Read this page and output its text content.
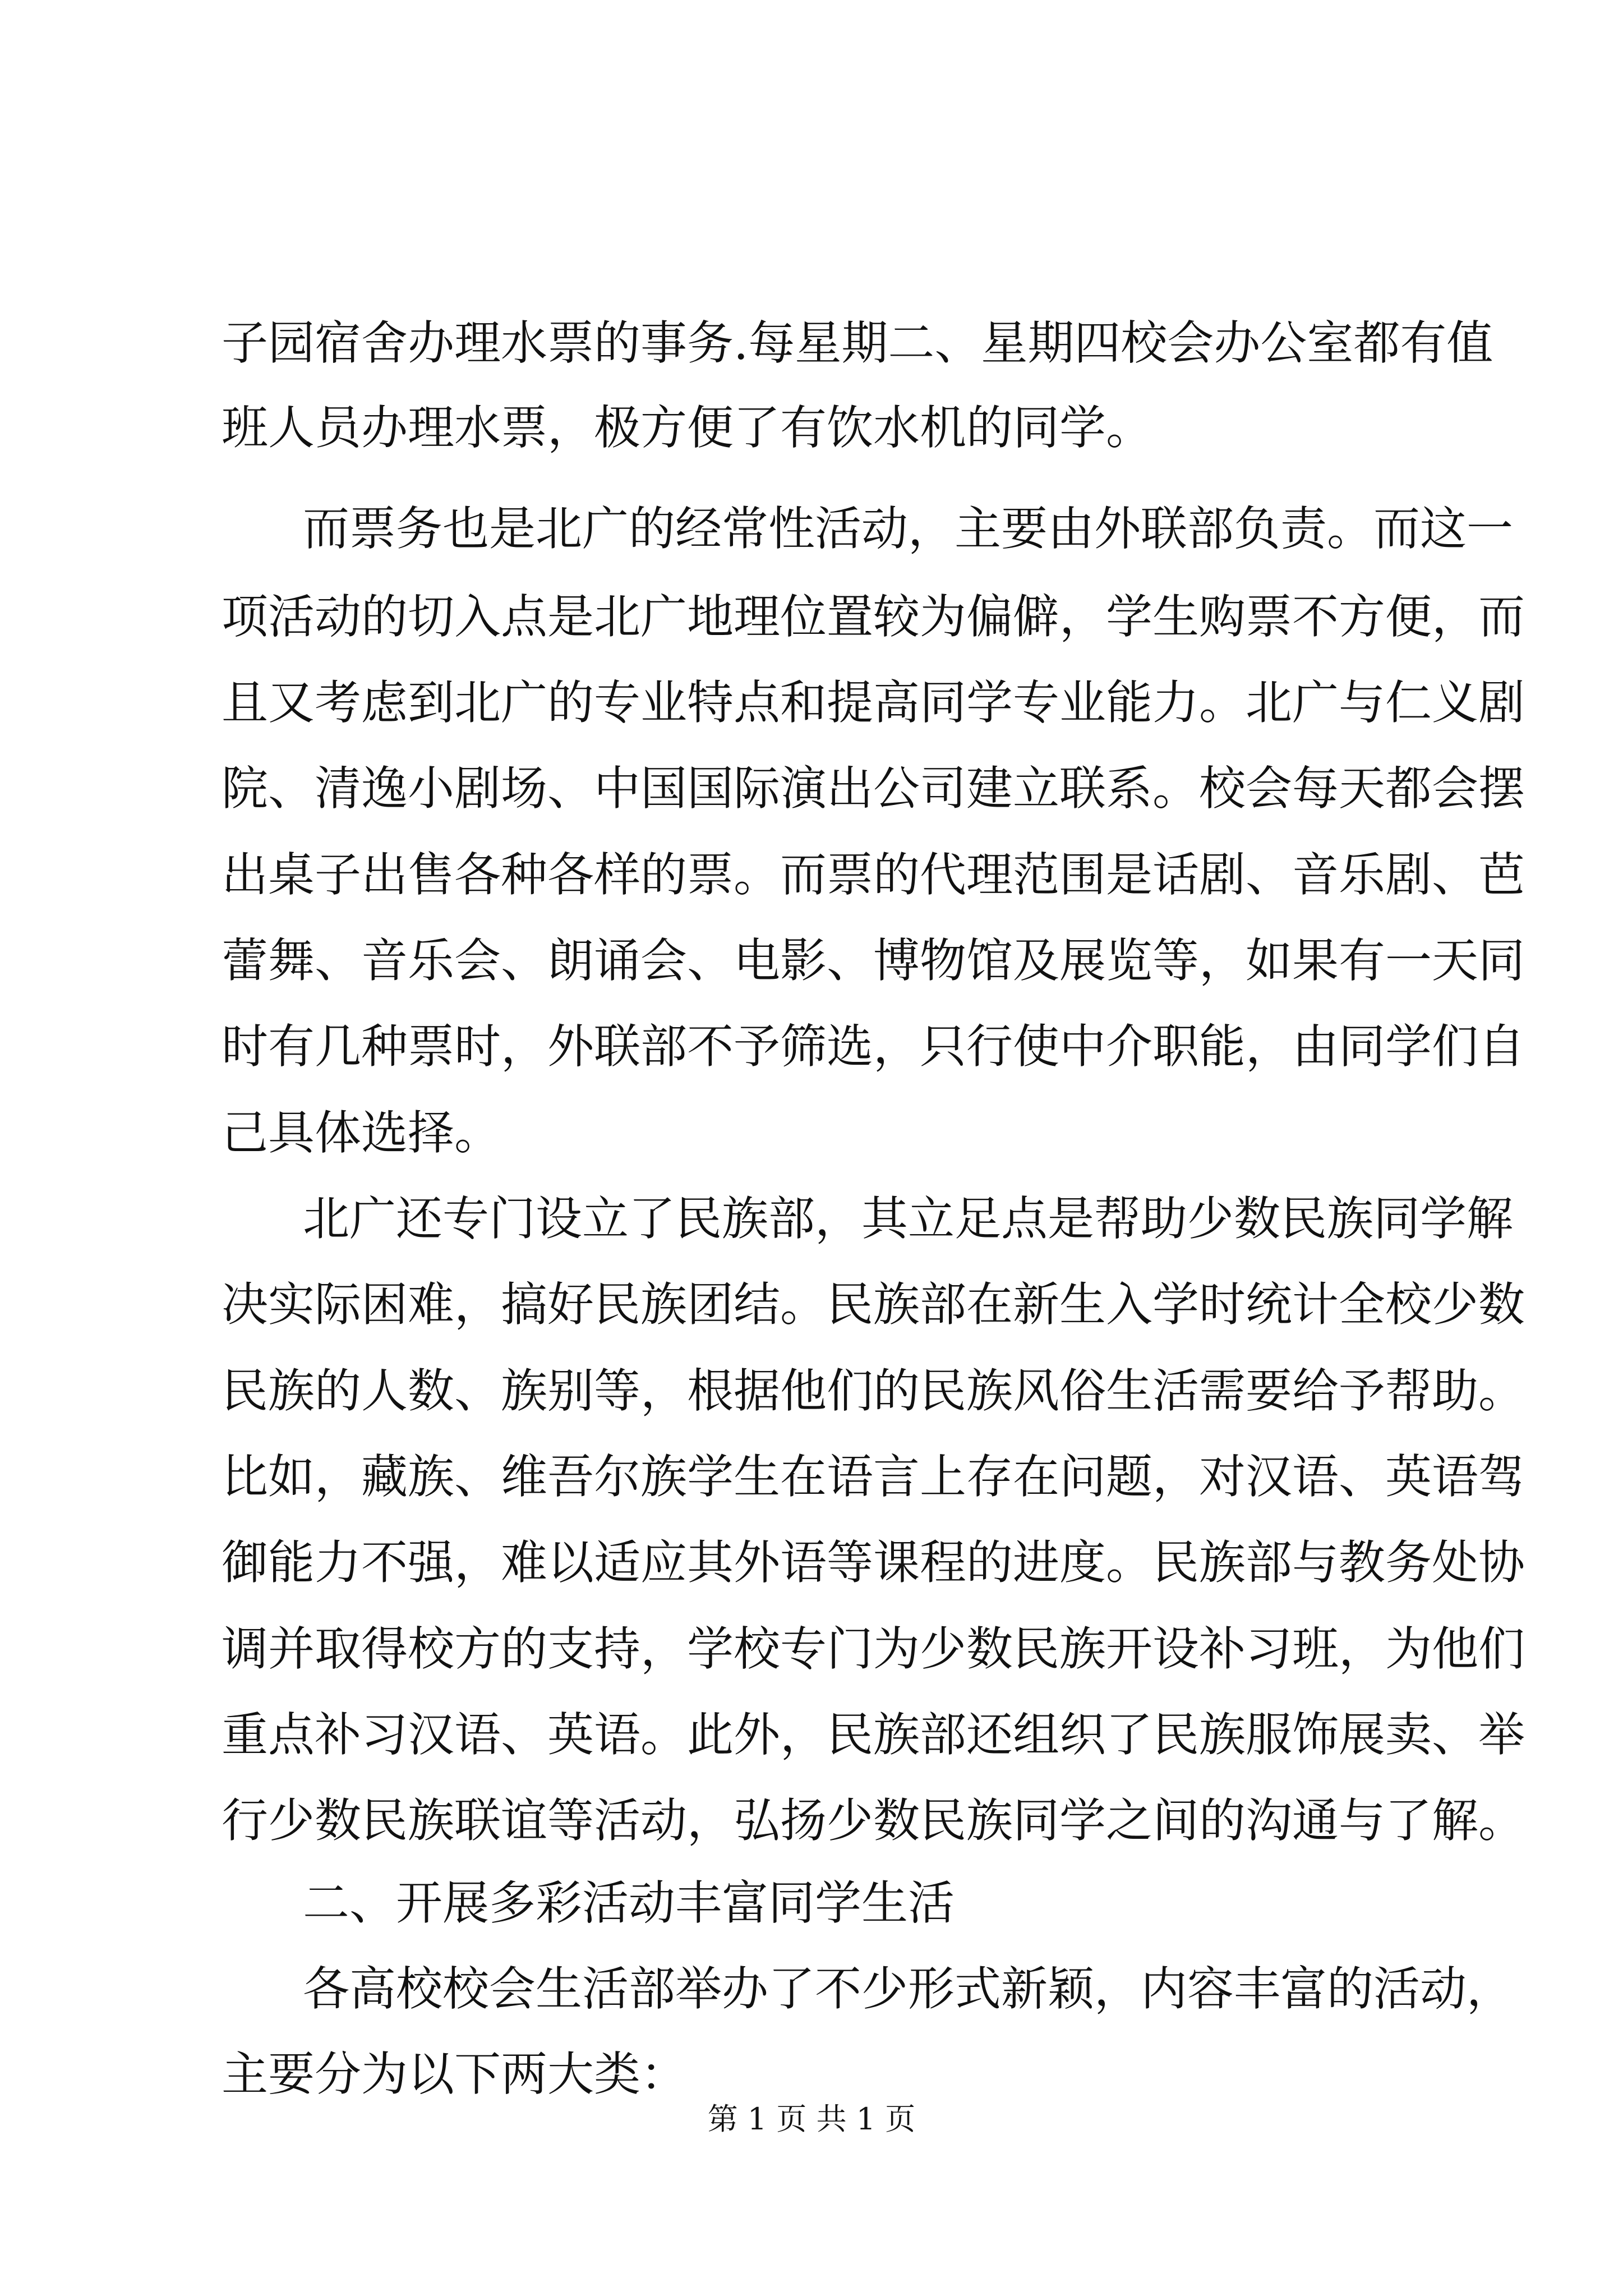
子园宿舍办理水票的事务.每星期二、星期四校会办公室都有值
班人员办理水票，极方便了有饮水机的同学。
而票务也是北广的经常性活动，主要由外联部负责。而这一
项活动的切入点是北广地理位置较为偏僻，学生购票不方便，而
且又考虑到北广的专业特点和提高同学专业能力。北广与仁义剧
院、清逸小剧场、中国国际演出公司建立联系。校会每天都会摆
出桌子出售各种各样的票。而票的代理范围是话剧、音乐剧、芭
蕾舞、音乐会、朗诵会、电影、博物馆及展览等，如果有一天同
时有几种票时，外联部不予筛选，只行使中介职能，由同学们自
己具体选择。
北广还专门设立了民族部，其立足点是帮助少数民族同学解
决实际困难，搞好民族团结。民族部在新生入学时统计全校少数
民族的人数、族别等，根据他们的民族风俗生活需要给予帮助。
比如，藏族、维吾尔族学生在语言上存在问题，对汉语、英语驾
御能力不强，难以适应其外语等课程的进度。民族部与教务处协
调并取得校方的支持，学校专门为少数民族开设补习班，为他们
重点补习汉语、英语。此外，民族部还组织了民族服饰展卖、举
行少数民族联谊等活动，弘扬少数民族同学之间的沟通与了解。
二、开展多彩活动丰富同学生活
各高校校会生活部举办了不少形式新颖，内容丰富的活动，
主要分为以下两大类：
第 1 页 共 1 页
